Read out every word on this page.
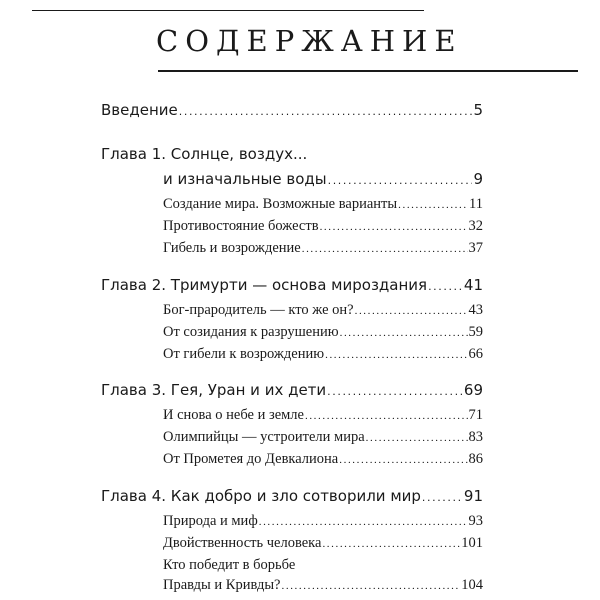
СОДЕРЖАНИЕ
Введение .....	5
Глава 1. Солнце, воздух...
и изначальные воды .....	9
Создание мира. Возможные варианты .....	11
Противостояние божеств .....	32
Гибель и возрождение .....	37
Глава 2. Тримурти — основа мироздания ..... 41
Бог-прародитель — кто же он? .....	43
От созидания к разрушению .....	59
От гибели к возрождению .....	66
Глава 3. Гея, Уран и их дети .....	69
И снова о небе и земле .....	71
Олимпийцы — устроители мира .....	83
От Прометея до Девкалиона .....	86
Глава 4. Как добро и зло сотворили мир .....	91
Природа и миф .....	93
Двойственность человека .....	101
Кто победит в борьбе
Правды и Кривды? .....	104
